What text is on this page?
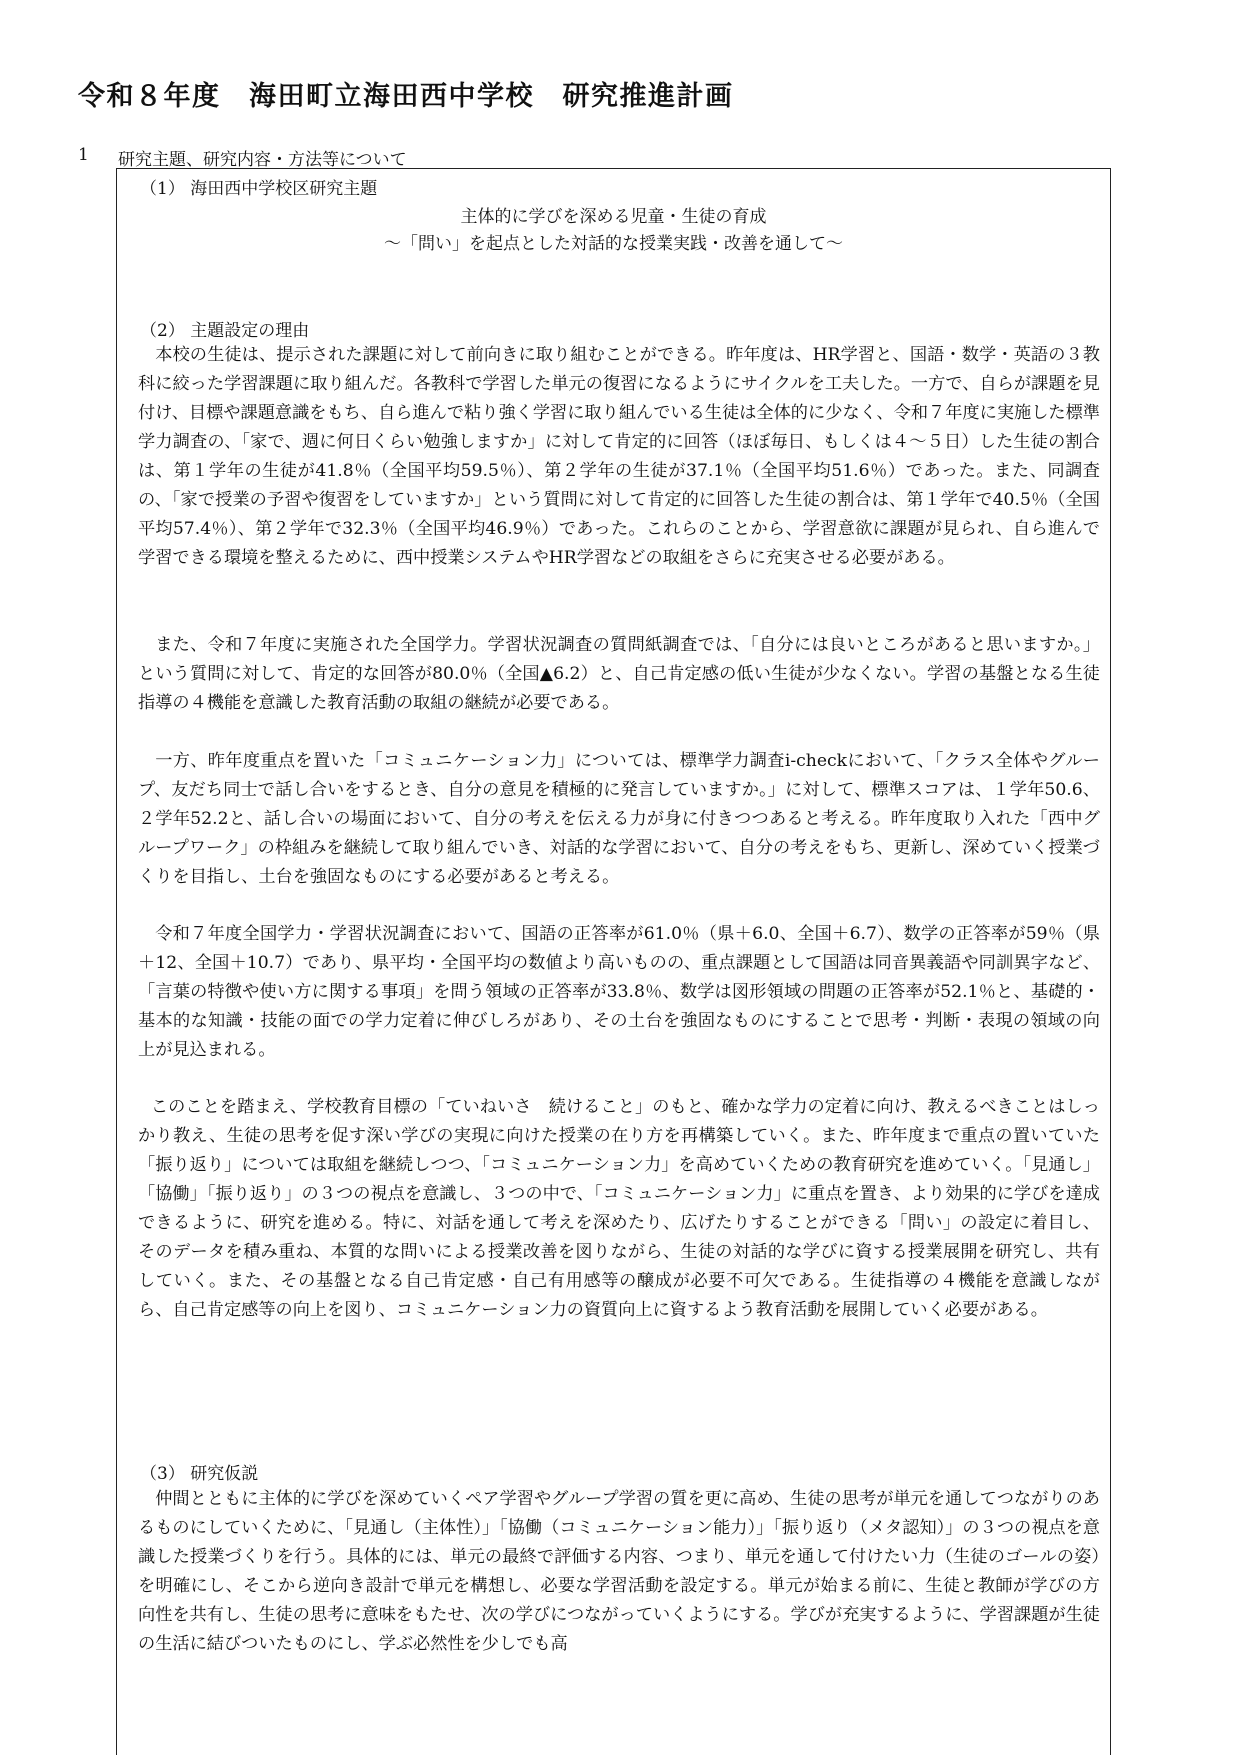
令和８年度　海田町立海田西中学校　研究推進計画
1 研究主題、研究内容・方法等について
（1） 海田西中学校区研究主題
主体的に学びを深める児童・生徒の育成
～「問い」を起点とした対話的な授業実践・改善を通して～
（2） 主題設定の理由

本校の生徒は、提示された課題に対して前向きに取り組むことができる。昨年度は、HR学習と、国語・数学・英語の３教科に絞った学習課題に取り組んだ。各教科で学習した単元の復習になるようにサイクルを工夫した。一方で、自らが課題を見付け、目標や課題意識をもち、自ら進んで粘り強く学習に取り組んでいる生徒は全体的に少なく、令和７年度に実施した標準学力調査の、「家で、週に何日くらい勉強しますか」に対して肯定的に回答（ほぼ毎日、もしくは４～５日）した生徒の割合は、第１学年の生徒が41.8％（全国平均59.5％）、第２学年の生徒が37.1％（全国平均51.6％）であった。また、同調査の、「家で授業の予習や復習をしていますか」という質問に対して肯定的に回答した生徒の割合は、第１学年で40.5％（全国平均57.4％）、第２学年で32.3％（全国平均46.9％）であった。これらのことから、学習意欲に課題が見られ、自ら進んで学習できる環境を整えるために、西中授業システムやHR学習などの取組をさらに充実させる必要がある。

また、令和７年度に実施された全国学力。学習状況調査の質問紙調査では、「自分には良いところがあると思いますか。」という質問に対して、肯定的な回答が80.0％（全国▲6.2）と、自己肯定感の低い生徒が少なくない。学習の基盤となる生徒指導の４機能を意識した教育活動の取組の継続が必要である。

一方、昨年度重点を置いた「コミュニケーション力」については、標準学力調査i-checkにおいて、「クラス全体やグループ、友だち同士で話し合いをするとき、自分の意見を積極的に発言していますか。」に対して、標準スコアは、１学年50.6、２学年52.2と、話し合いの場面において、自分の考えを伝える力が身に付きつつあると考える。昨年度取り入れた「西中グループワーク」の枠組みを継続して取り組んでいき、対話的な学習において、自分の考えをもち、更新し、深めていく授業づくりを目指し、土台を強固なものにする必要があると考える。

令和７年度全国学力・学習状況調査において、国語の正答率が61.0％（県＋6.0、全国＋6.7）、数学の正答率が59％（県＋12、全国＋10.7）であり、県平均・全国平均の数値より高いものの、重点課題として国語は同音異義語や同訓異字など、「言葉の特徴や使い方に関する事項」を問う領域の正答率が33.8％、数学は図形領域の問題の正答率が52.1％と、基礎的・基本的な知識・技能の面での学力定着に伸びしろがあり、その土台を強固なものにすることで思考・判断・表現の領域の向上が見込まれる。

このことを踏まえ、学校教育目標の「ていねいさ　続けること」のもと、確かな学力の定着に向け、教えるべきことはしっかり教え、生徒の思考を促す深い学びの実現に向けた授業の在り方を再構築していく。また、昨年度まで重点の置いていた「振り返り」については取組を継続しつつ、「コミュニケーション力」を高めていくための教育研究を進めていく。「見通し」「協働」「振り返り」の３つの視点を意識し、３つの中で、「コミュニケーション力」に重点を置き、より効果的に学びを達成できるように、研究を進める。特に、対話を通して考えを深めたり、広げたりすることができる「問い」の設定に着目し、そのデータを積み重ね、本質的な問いによる授業改善を図りながら、生徒の対話的な学びに資する授業展開を研究し、共有していく。また、その基盤となる自己肯定感・自己有用感等の醸成が必要不可欠である。生徒指導の４機能を意識しながら、自己肯定感等の向上を図り、コミュニケーション力の資質向上に資するよう教育活動を展開していく必要がある。

（3） 研究仮説

仲間とともに主体的に学びを深めていくペア学習やグループ学習の質を更に高め、生徒の思考が単元を通してつながりのあるものにしていくために、「見通し（主体性）」「協働（コミュニケーション能力）」「振り返り（メタ認知）」の３つの視点を意識した授業づくりを行う。具体的には、単元の最終で評価する内容、つまり、単元を通して付けたい力（生徒のゴールの姿）を明確にし、そこから逆向き設計で単元を構想し、必要な学習活動を設定する。単元が始まる前に、生徒と教師が学びの方向性を共有し、生徒の思考に意味をもたせ、次の学びにつながっていくようにする。学びが充実するように、学習課題が生徒の生活に結びついたものにし、学ぶ必然性を少しでも高
